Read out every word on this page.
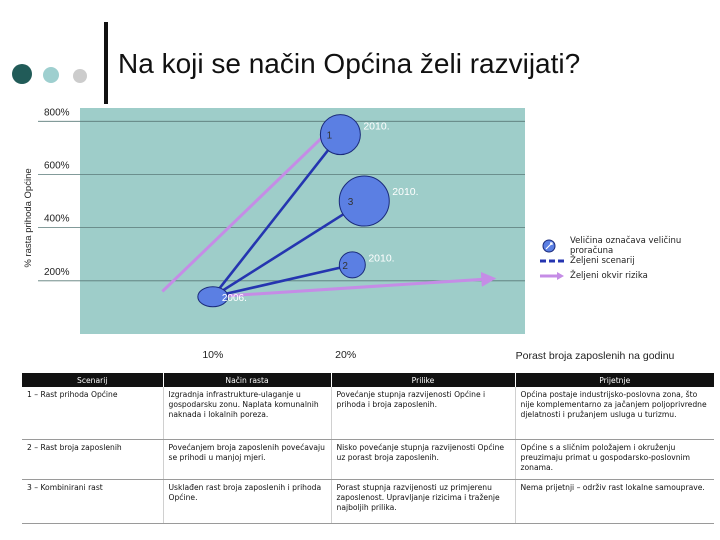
Na koji se način Općina želi razvijati?
200%
400%
600%
800%
10%	20%
% rasta prihoda Općine
Porast broja zaposlenih na godinu
2006.
1
2010.
3
2010.
2
2010.
Veličina označava veličinu proračuna
Željeni scenarij
Željeni okvir rizika
Scenarij	Način rasta	Prilike	Prijetnje
1 – Rast prihoda Općine	Izgradnja infrastrukture-ulaganje u gospodarsku zonu. Naplata komunalnih naknada i lokalnih poreza.	Povećanje stupnja razvijenosti Općine i prihoda i broja zaposlenih.	Općina postaje industrijsko-poslovna zona, što nije komplementarno za jačanjem poljoprivredne djelatnosti i pružanjem usluga u turizmu.
2 – Rast broja zaposlenih	Povećanjem broja zaposlenih povećavaju se prihodi u manjoj mjeri.	Nisko povećanje stupnja razvijenosti Općine uz porast broja zaposlenih.	Općine s a sličnim položajem i okruženju preuzimaju primat u gospodarsko-poslovnim zonama.
3 – Kombinirani rast	Usklađen rast broja zaposlenih i prihoda Općine.	Porast stupnja razvijenosti uz primjerenu zaposlenost. Upravljanje rizicima i traženje najboljih prilika.	Nema prijetnji – održiv rast lokalne samouprave.
